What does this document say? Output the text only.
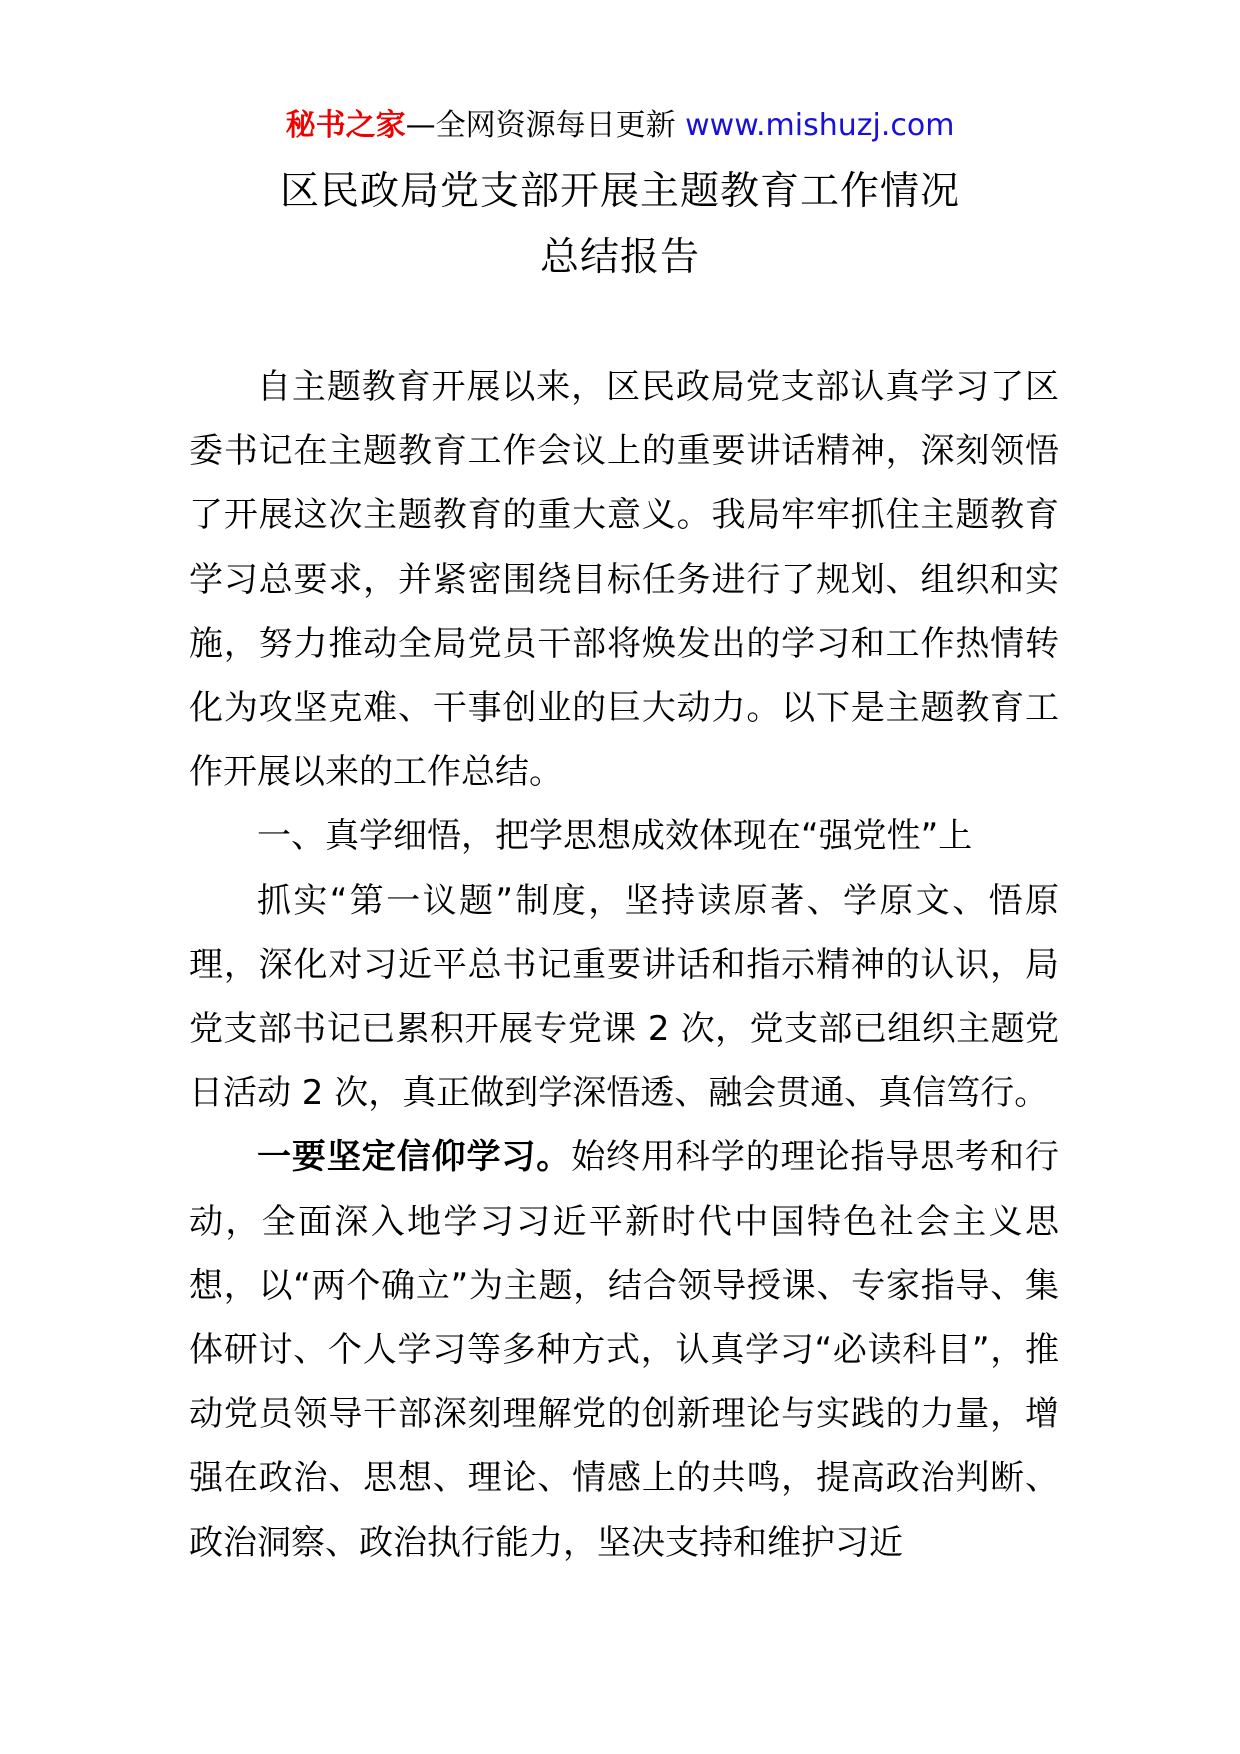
秘书之家—全网资源每日更新 www.mishuzj.com
区民政局党支部开展主题教育工作情况
总结报告

自主题教育开展以来，区民政局党支部认真学习了区委书记在主题教育工作会议上的重要讲话精神，深刻领悟了开展这次主题教育的重大意义。我局牢牢抓住主题教育学习总要求，并紧密围绕目标任务进行了规划、组织和实施，努力推动全局党员干部将焕发出的学习和工作热情转化为攻坚克难、干事创业的巨大动力。以下是主题教育工作开展以来的工作总结。

一、真学细悟，把学思想成效体现在“强党性”上

抓实“第一议题”制度，坚持读原著、学原文、悟原理，深化对习近平总书记重要讲话和指示精神的认识，局党支部书记已累积开展专党课 2 次，党支部已组织主题党日活动 2 次，真正做到学深悟透、融会贯通、真信笃行。

一要坚定信仰学习。始终用科学的理论指导思考和行动，全面深入地学习习近平新时代中国特色社会主义思想，以“两个确立”为主题，结合领导授课、专家指导、集体研讨、个人学习等多种方式，认真学习“必读科目”，推动党员领导干部深刻理解党的创新理论与实践的力量，增强在政治、思想、理论、情感上的共鸣，提高政治判断、政治洞察、政治执行能力，坚决支持和维护习近
